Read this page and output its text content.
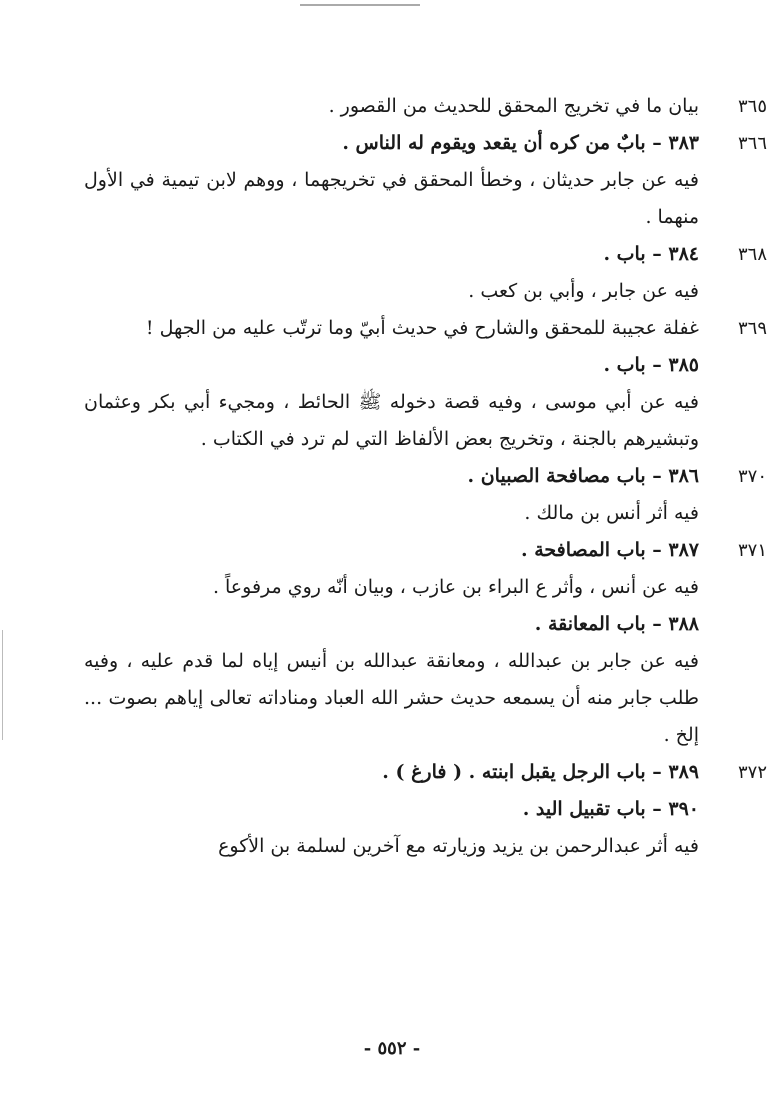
٣٦٥
بيان ما في تخريج المحقق للحديث من القصور .
٣٦٦
٣٨٣ – بابٌ من كره أن يقعد ويقوم له الناس .
فيه عن جابر حديثان ، وخطأ المحقق في تخريجهما ، ووهم لابن تيمية في الأول منهما .
٣٦٨
٣٨٤ – باب .
فيه عن جابر ، وأبي بن كعب .
٣٦٩
غفلة عجيبة للمحقق والشارح في حديث أبيّ وما ترتّب عليه من الجهل !
٣٨٥ – باب .
فيه عن أبي موسى ، وفيه قصة دخوله ﷺ الحائط ، ومجيء أبي بكر وعثمان وتبشيرهم بالجنة ، وتخريج بعض الألفاظ التي لم ترد في الكتاب .
٣٧٠
٣٨٦ – باب مصافحة الصبيان .
فيه أثر أنس بن مالك .
٣٧١
٣٨٧ – باب المصافحة .
فيه عن أنس ، وأثر ع البراء بن عازب ، وبيان أنّه روي مرفوعاً .
٣٨٨ – باب المعانقة .
فيه عن جابر بن عبدالله ، ومعانقة عبدالله بن أنيس إياه لما قدم عليه ، وفيه طلب جابر منه أن يسمعه حديث حشر الله العباد ومناداته تعالى إياهم بصوت ... إلخ .
٣٧٢
٣٨٩ – باب الرجل يقبل ابنته . ( فارغ ) .
٣٩٠ – باب تقبيل اليد .
فيه أثر عبدالرحمن بن يزيد وزيارته مع آخرين لسلمة بن الأكوع
- ٥٥٢ -
